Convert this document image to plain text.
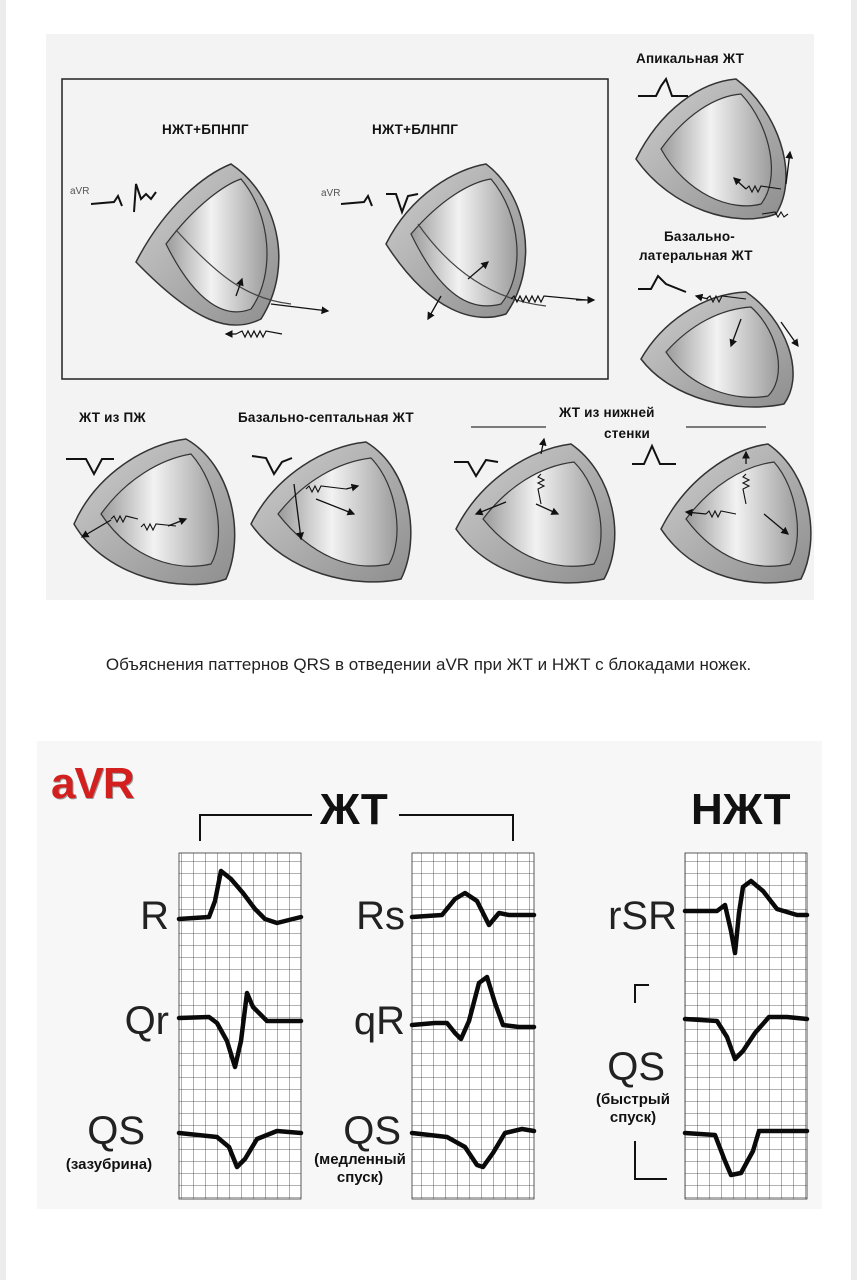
НЖТ+БПНПГ	НЖТ+БЛНПГ
Апикальная ЖТ
Базально-
латеральная ЖТ
ЖТ из ПЖ	Базально-септальная ЖТ	ЖТ из нижней
стенки
aVR	aVR
Объяснения паттернов QRS в отведении aVR при ЖТ и НЖТ с блокадами ножек.
aVR
ЖТ	НЖТ
R
Qr
QS
(зазубрина)
Rs
qR
QS
(медленный
спуск)
rSR
QS
(быстрый
спуск)
